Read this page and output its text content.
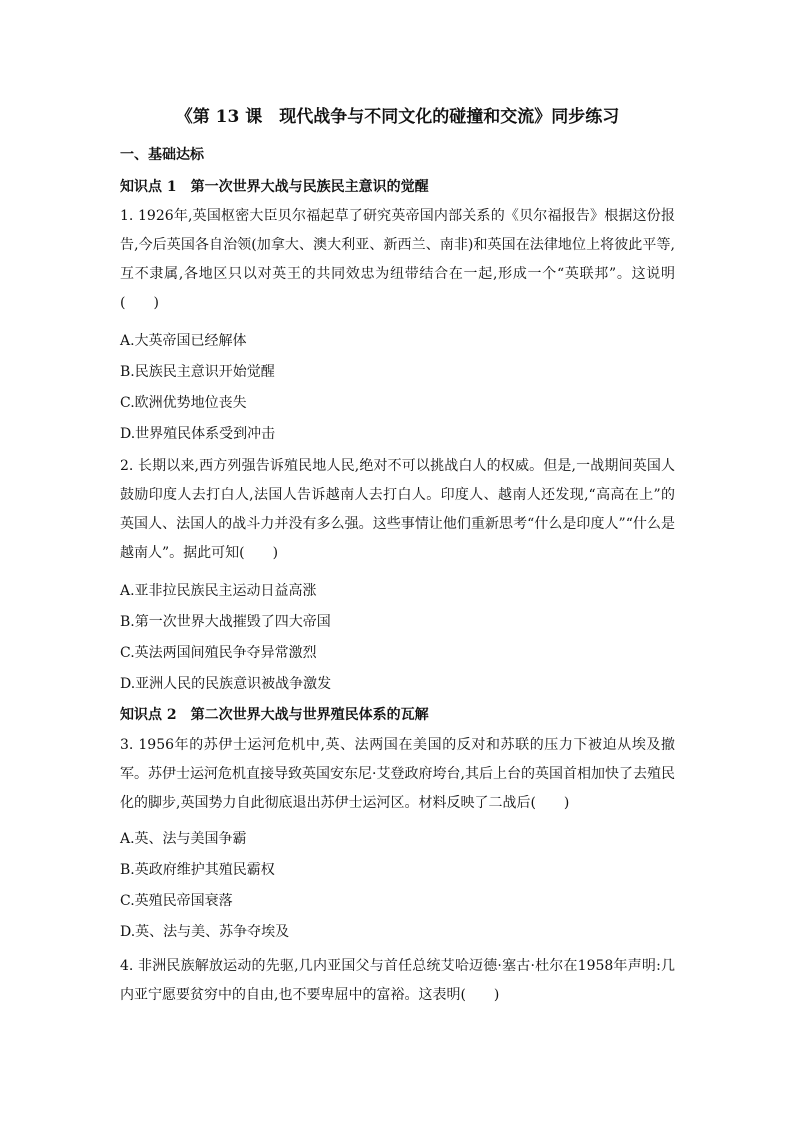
《第 13 课　现代战争与不同文化的碰撞和交流》同步练习
一、基础达标
知识点 1　第一次世界大战与民族民主意识的觉醒
1. 1926年,英国枢密大臣贝尔福起草了研究英帝国内部关系的《贝尔福报告》根据这份报告,今后英国各自治领(加拿大、澳大利亚、新西兰、南非)和英国在法律地位上将彼此平等,互不隶属,各地区只以对英王的共同效忠为纽带结合在一起,形成一个“英联邦”。这说明(　　)
A.大英帝国已经解体
B.民族民主意识开始觉醒
C.欧洲优势地位丧失
D.世界殖民体系受到冲击
2. 长期以来,西方列强告诉殖民地人民,绝对不可以挑战白人的权威。但是,一战期间英国人鼓励印度人去打白人,法国人告诉越南人去打白人。印度人、越南人还发现,“高高在上”的英国人、法国人的战斗力并没有多么强。这些事情让他们重新思考“什么是印度人”“什么是越南人”。据此可知(　　)
A.亚非拉民族民主运动日益高涨
B.第一次世界大战摧毁了四大帝国
C.英法两国间殖民争夺异常激烈
D.亚洲人民的民族意识被战争激发
知识点 2　第二次世界大战与世界殖民体系的瓦解
3. 1956年的苏伊士运河危机中,英、法两国在美国的反对和苏联的压力下被迫从埃及撤军。苏伊士运河危机直接导致英国安东尼·艾登政府垮台,其后上台的英国首相加快了去殖民化的脚步,英国势力自此彻底退出苏伊士运河区。材料反映了二战后(　　)
A.英、法与美国争霸
B.英政府维护其殖民霸权
C.英殖民帝国衰落
D.英、法与美、苏争夺埃及
4. 非洲民族解放运动的先驱,几内亚国父与首任总统艾哈迈德·塞古·杜尔在1958年声明:几内亚宁愿要贫穷中的自由,也不要卑屈中的富裕。这表明(　　)
